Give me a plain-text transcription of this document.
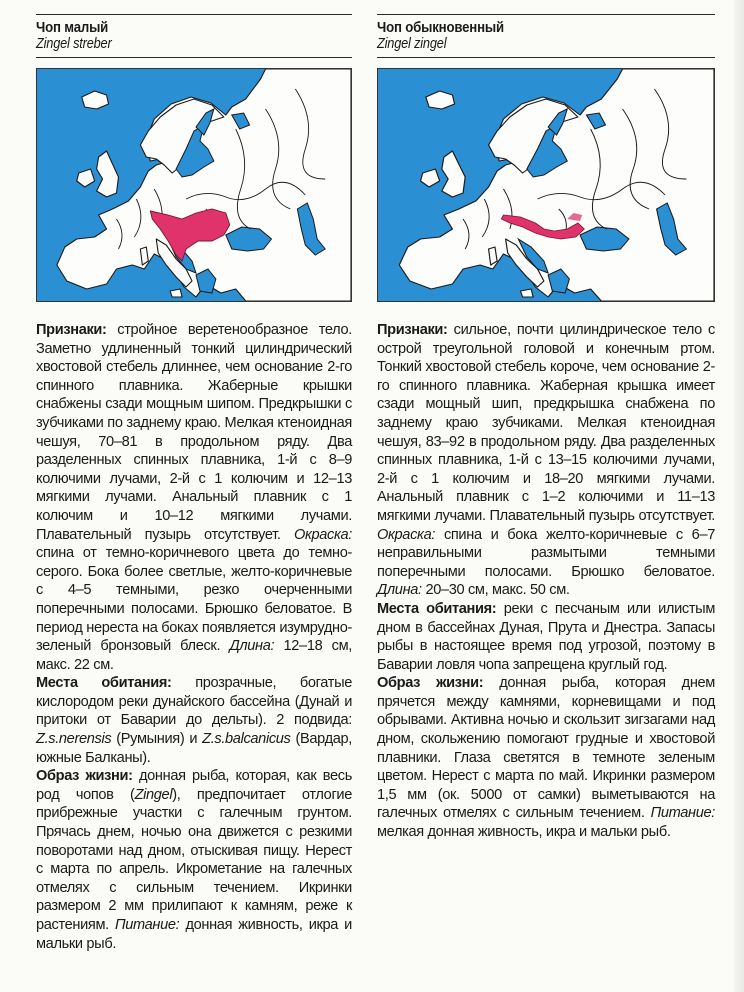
Чоп малый
Zingel streber

Признаки: стройное веретенообразное тело. Заметно удлиненный тонкий цилиндрический хвостовой стебель длиннее, чем основание 2-го спинного плавника. Жаберные крышки снабжены сзади мощным шипом. Предкрышки с зубчиками по заднему краю. Мелкая ктеноидная чешуя, 70–81 в продольном ряду. Два разделенных спинных плавника, 1-й с 8–9 колючими лучами, 2-й с 1 колючим и 12–13 мягкими лучами. Анальный плавник с 1 колючим и 10–12 мягкими лучами. Плавательный пузырь отсутствует. Окраска: спина от темно-коричневого цвета до темно-серого. Бока более светлые, желто-коричневые с 4–5 темными, резко очерченными поперечными полосами. Брюшко беловатое. В период нереста на боках появляется изумрудно-зеленый бронзовый блеск. Длина: 12–18 см, макс. 22 см.

Места обитания: прозрачные, богатые кислородом реки дунайского бассейна (Дунай и притоки от Баварии до дельты). 2 подвида: Z.s.nerensis (Румыния) и Z.s.balcanicus (Вардар, южные Балканы).

Образ жизни: донная рыба, которая, как весь род чопов (Zingel), предпочитает отлогие прибрежные участки с галечным грунтом. Прячась днем, ночью она движется с резкими поворотами над дном, отыскивая пищу. Нерест с марта по апрель. Икрометание на галечных отмелях с сильным течением. Икринки размером 2 мм прилипают к камням, реже к растениям. Питание: донная живность, икра и мальки рыб.

Чоп обыкновенный
Zingel zingel

Признаки: сильное, почти цилиндрическое тело с острой треугольной головой и конечным ртом. Тонкий хвостовой стебель короче, чем основание 2-го спинного плавника. Жаберная крышка имеет сзади мощный шип, предкрышка снабжена по заднему краю зубчиками. Мелкая ктеноидная чешуя, 83–92 в продольном ряду. Два разделенных спинных плавника, 1-й с 13–15 колючими лучами, 2-й с 1 колючим и 18–20 мягкими лучами. Анальный плавник с 1–2 колючими и 11–13 мягкими лучами. Плавательный пузырь отсутствует. Окраска: спина и бока желто-коричневые с 6–7 неправильными размытыми темными поперечными полосами. Брюшко беловатое. Длина: 20–30 см, макс. 50 см.

Места обитания: реки с песчаным или илистым дном в бассейнах Дуная, Прута и Днестра. Запасы рыбы в настоящее время под угрозой, поэтому в Баварии ловля чопа запрещена круглый год.

Образ жизни: донная рыба, которая днем прячется между камнями, корневищами и под обрывами. Активна ночью и скользит зигзагами над дном, скольжению помогают грудные и хвостовой плавники. Глаза светятся в темноте зеленым цветом. Нерест с марта по май. Икринки размером 1,5 мм (ок. 5000 от самки) выметываются на галечных отмелях с сильным течением. Питание: мелкая донная живность, икра и мальки рыб.
